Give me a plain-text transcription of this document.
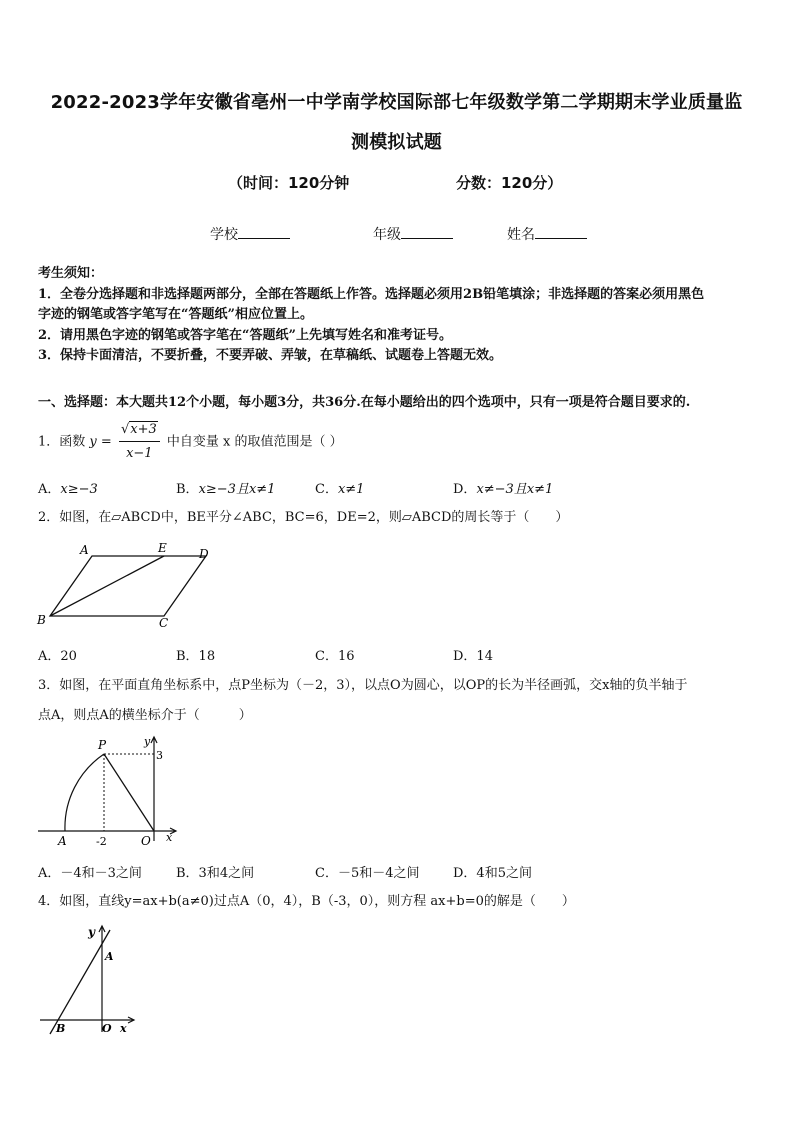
2022-2023学年安徽省亳州一中学南学校国际部七年级数学第二学期期末学业质量监
测模拟试题
（时间：120分钟	分数：120分）
学校	年级	姓名
考生须知：
1．全卷分选择题和非选择题两部分，全部在答题纸上作答。选择题必须用2B铅笔填涂；非选择题的答案必须用黑色
字迹的钢笔或答字笔写在“答题纸”相应位置上。
2．请用黑色字迹的钢笔或答字笔在“答题纸”上先填写姓名和准考证号。
3．保持卡面清洁，不要折叠，不要弄破、弄皱，在草稿纸、试题卷上答题无效。
一、选择题：本大题共12个小题，每小题3分，共36分.在每小题给出的四个选项中，只有一项是符合题目要求的.
1．函数 $y = \frac{√x+3}{x-1}$ 中自变量 x 的取值范围是（ ）
A．x≥−3	B．x≥−3且x≠1	C．x≠1	D．x≠−3且x≠1
2．如图，在▱ABCD中，BE平分∠ABC，BC=6，DE=2，则▱ABCD的周长等于（　　）
A	E	D
B	C
A．20	B．18	C．16	D．14
3．如图，在平面直角坐标系中，点P坐标为（－2，3），以点O为圆心，以OP的长为半径画弧，交x轴的负半轴于
点A，则点A的横坐标介于（　　　）
P	y
3
A	-2	O x
A．－4和－3之间	B．3和4之间	C．－5和－4之间	D．4和5之间
4．如图，直线y=ax+b(a≠0)过点A（0，4），B（-3，0），则方程 ax+b=0的解是（　　）
y
A
B	O x
